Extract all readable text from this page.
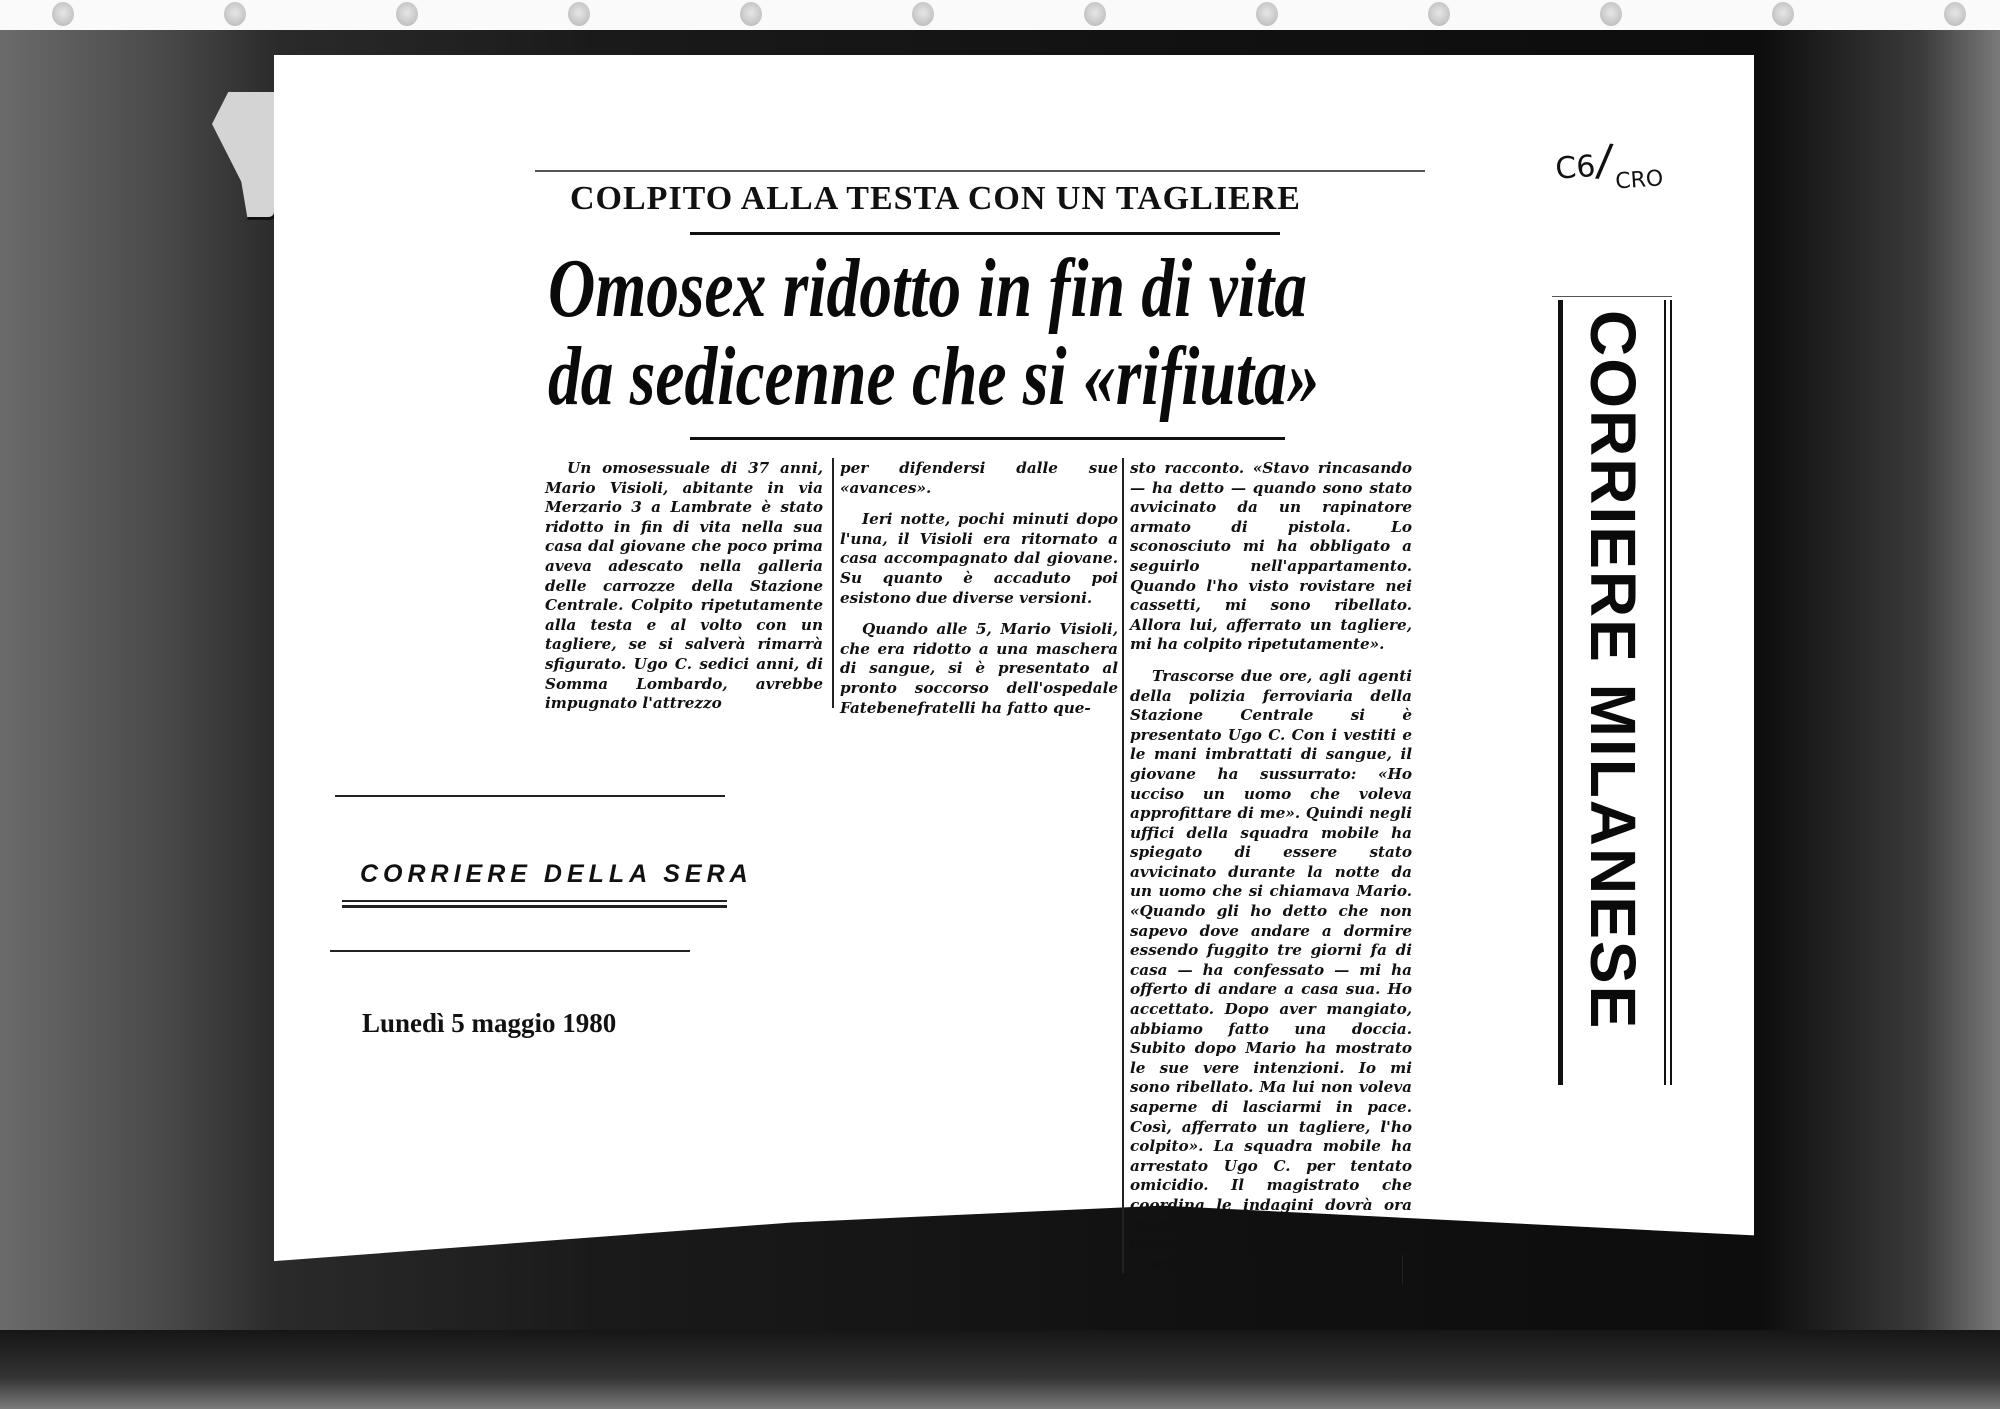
COLPITO ALLA TESTA CON UN TAGLIERE
Omosex ridotto in fin di vita
da sedicenne che si «rifiuta»

Un omosessuale di 37 anni, Mario Visioli, abitante in via Merzario 3 a Lambrate è stato ridotto in fin di vita nella sua casa dal giovane che poco prima aveva adescato nella galleria delle carrozze della Stazione Centrale. Colpito ripetutamente alla testa e al volto con un tagliere, se si salverà rimarrà sfigurato. Ugo C. sedici anni, di Somma Lombardo, avrebbe impugnato l'attrezzo

per difendersi dalle sue «avances».

Ieri notte, pochi minuti dopo l'una, il Visioli era ritornato a casa accompagnato dal giovane. Su quanto è accaduto poi esistono due diverse versioni.

Quando alle 5, Mario Visioli, che era ridotto a una maschera di sangue, si è presentato al pronto soccorso dell'ospedale Fatebenefratelli ha fatto que-

sto racconto. «Stavo rincasando — ha detto — quando sono stato avvicinato da un rapinatore armato di pistola. Lo sconosciuto mi ha obbligato a seguirlo nell'appartamento. Quando l'ho visto rovistare nei cassetti, mi sono ribellato. Allora lui, afferrato un tagliere, mi ha colpito ripetutamente».

Trascorse due ore, agli agenti della polizia ferroviaria della Stazione Centrale si è presentato Ugo C. Con i vestiti e le mani imbrattati di sangue, il giovane ha sussurrato: «Ho ucciso un uomo che voleva approfittare di me». Quindi negli uffici della squadra mobile ha spiegato di essere stato avvicinato durante la notte da un uomo che si chiamava Mario. «Quando gli ho detto che non sapevo dove andare a dormire essendo fuggito tre giorni fa di casa — ha confessato — mi ha offerto di andare a casa sua. Ho accettato. Dopo aver mangiato, abbiamo fatto una doccia. Subito dopo Mario ha mostrato le sue vere intenzioni. Io mi sono ribellato. Ma lui non voleva saperne di lasciarmi in pace. Così, afferrato un tagliere, l'ho colpito». La squadra mobile ha arrestato Ugo C. per tentato omicidio. Il magistrato che coordina le indagini dovrà ora stabilire se la versione dei fatti fornita dal giovane corrisponde a verità.

CORRIERE DELLA SERA
Lunedì 5 maggio 1980
$C6/_{CRO}$
CORRIERE MILANESE
